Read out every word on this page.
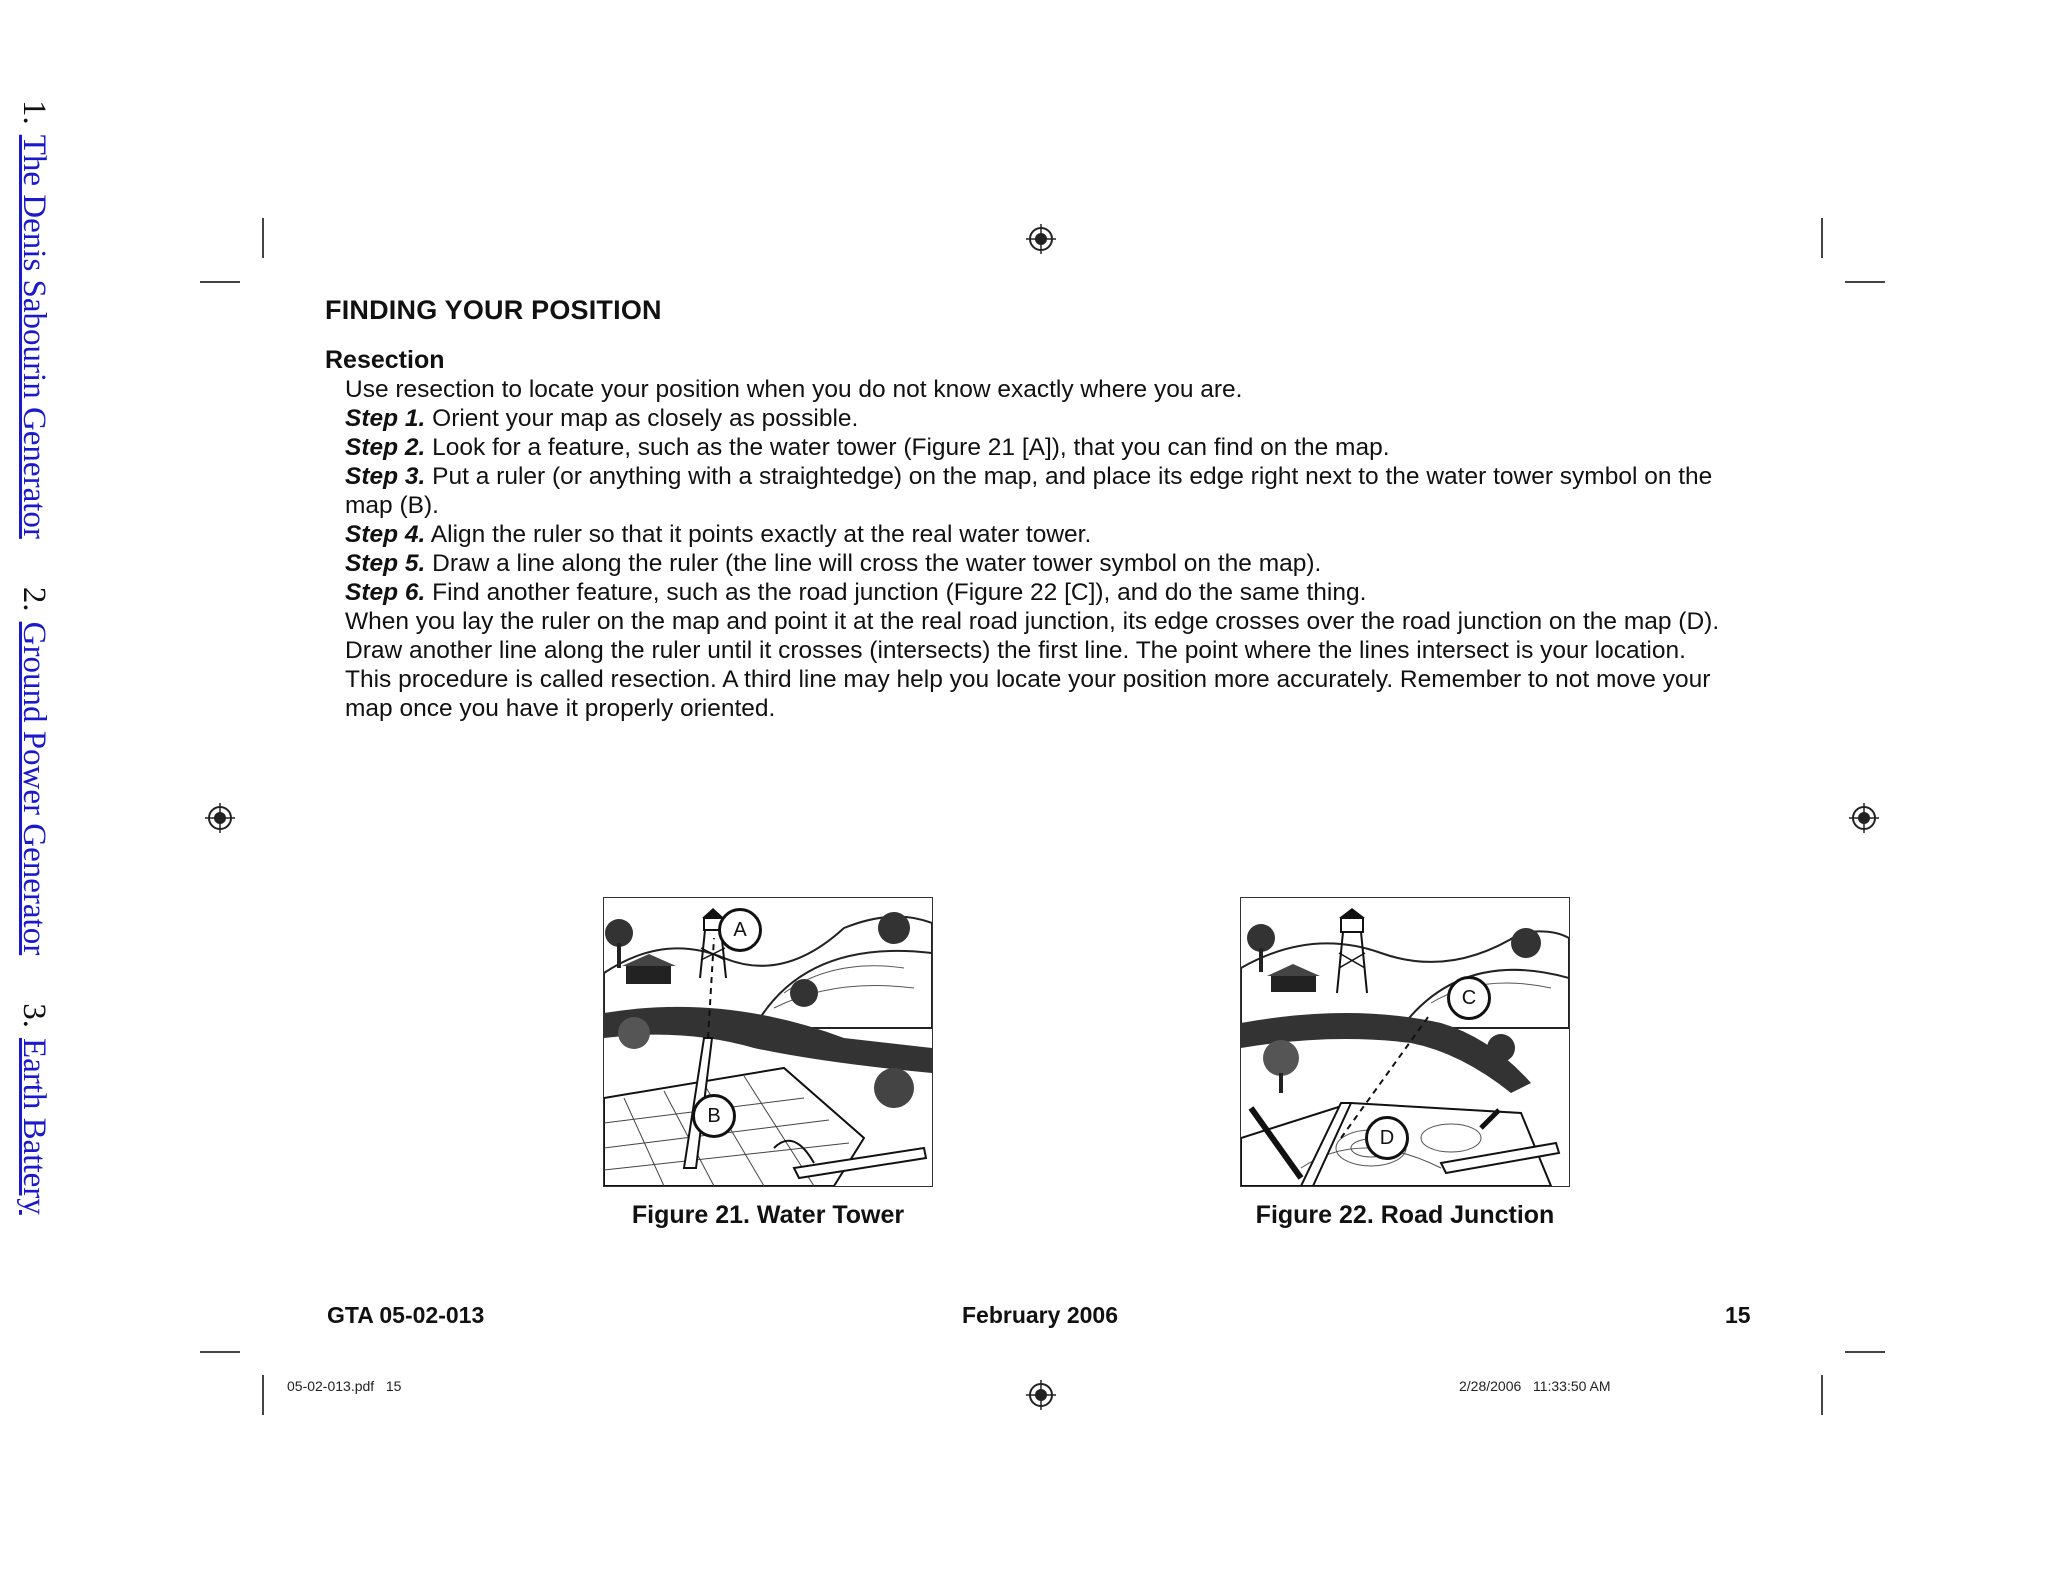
1.The Denis Sabourin Generator
2.Ground Power Generator
3.Earth Battery
FINDING YOUR POSITION
Resection

Use resection to locate your position when you do not know exactly where you are.

Step 1. Orient your map as closely as possible.

Step 2. Look for a feature, such as the water tower (Figure 21 [A]), that you can find on the map.

Step 3. Put a ruler (or anything with a straightedge) on the map, and place its edge right next to the water tower symbol on the map (B).

Step 4. Align the ruler so that it points exactly at the real water tower.

Step 5. Draw a line along the ruler (the line will cross the water tower symbol on the map).

Step 6. Find another feature, such as the road junction (Figure 22 [C]), and do the same thing.

When you lay the ruler on the map and point it at the real road junction, its edge crosses over the road junction on the map (D). Draw another line along the ruler until it crosses (intersects) the first line. The point where the lines intersect is your location. This procedure is called resection. A third line may help you locate your position more accurately. Remember to not move your map once you have it properly oriented.

A
B
Figure 21. Water Tower
C
D
Figure 22. Road Junction
GTA 05-02-013	February 2006	15
05-02-013.pdf   15	2/28/2006   11:33:50 AM
